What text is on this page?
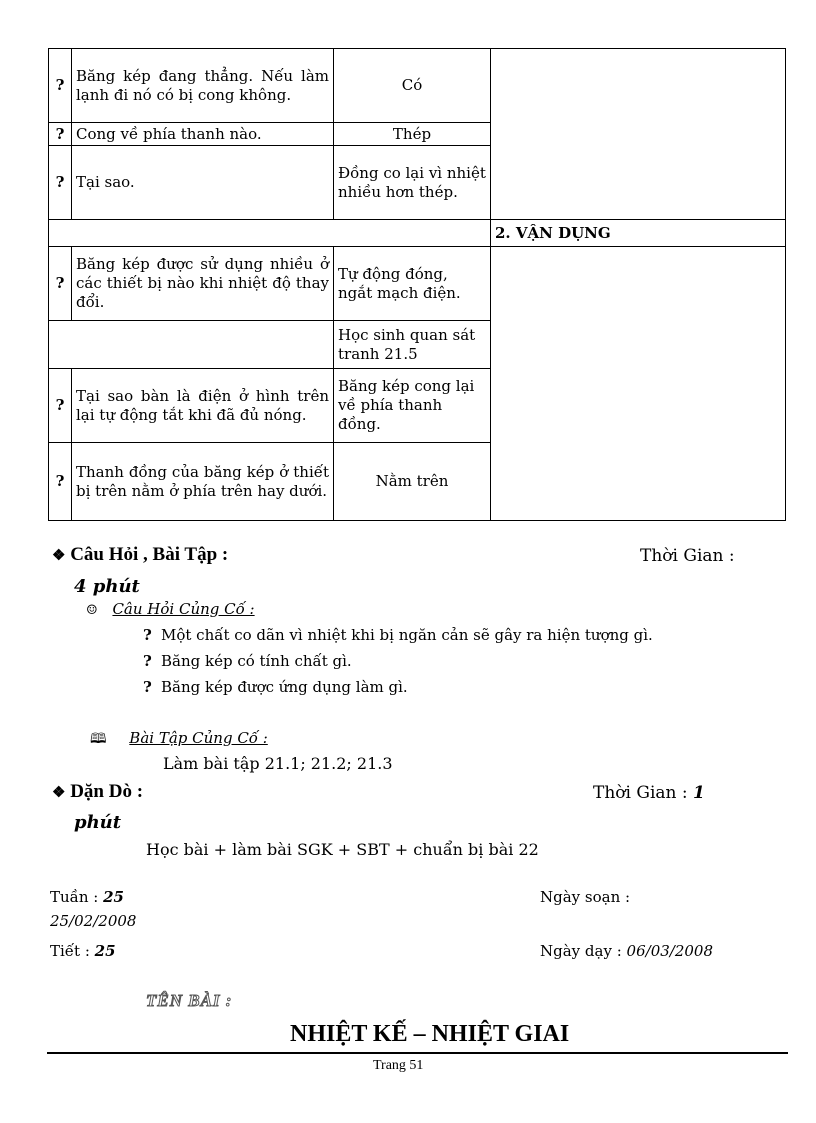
?	Băng kép đang thẳng. Nếu làm lạnh đi nó có bị cong không.	Có	
?	Cong về phía thanh nào.	Thép	
?	Tại sao.	Đồng co lại vì nhiệt nhiều hơn thép.	
			2. VẬN DỤNG
?	Băng kép được sử dụng nhiều ở các thiết bị nào khi nhiệt độ thay đổi.	Tự động đóng, ngắt mạch điện.	
		Học sinh quan sát tranh 21.5	
?	Tại sao bàn là điện ở hình trên lại tự động tắt khi đã đủ nóng.	Băng kép cong lại về phía thanh đồng.	
?	Thanh đồng của băng kép ở thiết bị trên nằm ở phía trên hay dưới.	Nằm trên	
❖ Câu Hỏi , Bài Tập :	Thời Gian :
4 phút
☺ Câu Hỏi Củng Cố :
? Một chất co dãn vì nhiệt khi bị ngăn cản sẽ gây ra hiện tượng gì.
? Băng kép có tính chất gì.
? Băng kép được ứng dụng làm gì.
🕮 Bài Tập Củng Cố :
Làm bài tập 21.1; 21.2; 21.3
❖ Dặn Dò :	Thời Gian : 1
phút
Học bài + làm bài SGK + SBT + chuẩn bị bài 22
Tuần : 25	Ngày soạn :
25/02/2008
Tiết : 25	Ngày dạy : 06/03/2008
TÊN BÀI :
NHIỆT KẾ – NHIỆT GIAI
Trang 51
